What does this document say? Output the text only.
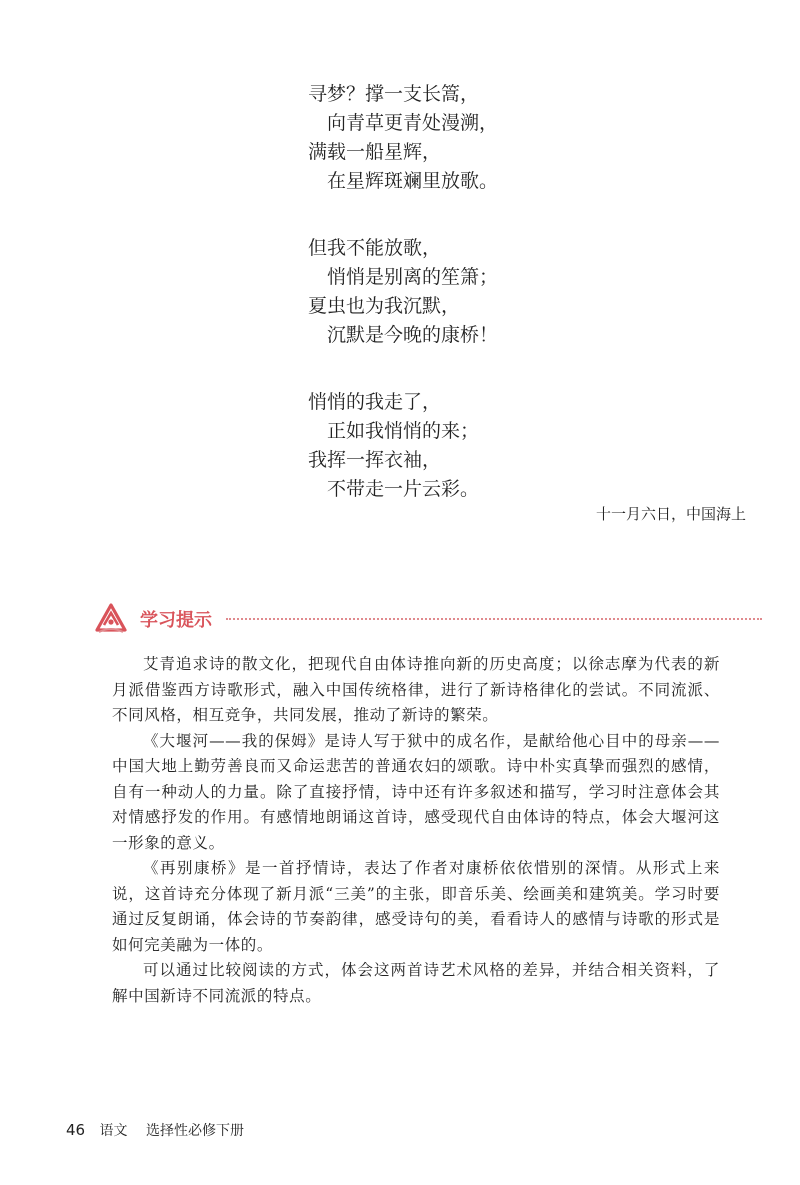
寻梦？撑一支长篙，
向青草更青处漫溯，
满载一船星辉，
在星辉斑斓里放歌。
但我不能放歌，
悄悄是别离的笙箫；
夏虫也为我沉默，
沉默是今晚的康桥！
悄悄的我走了，
正如我悄悄的来；
我挥一挥衣袖，
不带走一片云彩。
十一月六日，中国海上
学习提示

艾青追求诗的散文化，把现代自由体诗推向新的历史高度；以徐志摩为代表的新月派借鉴西方诗歌形式，融入中国传统格律，进行了新诗格律化的尝试。不同流派、不同风格，相互竞争，共同发展，推动了新诗的繁荣。

《大堰河——我的保姆》是诗人写于狱中的成名作，是献给他心目中的母亲——中国大地上勤劳善良而又命运悲苦的普通农妇的颂歌。诗中朴实真挚而强烈的感情，自有一种动人的力量。除了直接抒情，诗中还有许多叙述和描写，学习时注意体会其对情感抒发的作用。有感情地朗诵这首诗，感受现代自由体诗的特点，体会大堰河这一形象的意义。

《再别康桥》是一首抒情诗，表达了作者对康桥依依惜别的深情。从形式上来说，这首诗充分体现了新月派“三美”的主张，即音乐美、绘画美和建筑美。学习时要通过反复朗诵，体会诗的节奏韵律，感受诗句的美，看看诗人的感情与诗歌的形式是如何完美融为一体的。

可以通过比较阅读的方式，体会这两首诗艺术风格的差异，并结合相关资料，了解中国新诗不同流派的特点。

46 语文 选择性必修下册
